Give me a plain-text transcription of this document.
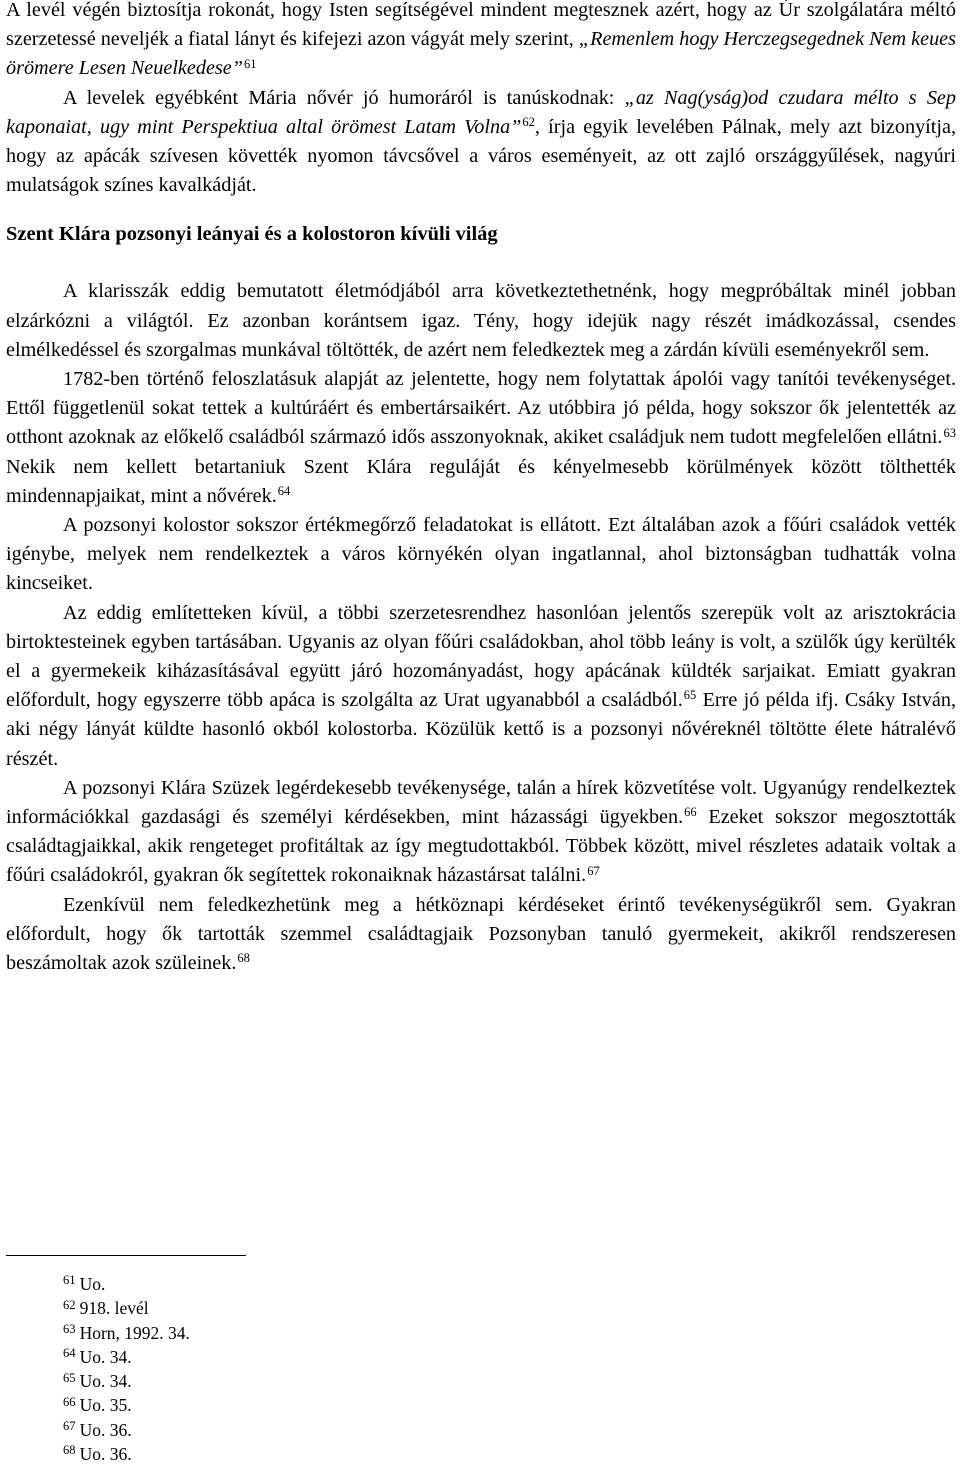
A levél végén biztosítja rokonát, hogy Isten segítségével mindent megtesznek azért, hogy az Úr szolgálatára méltó szerzetessé neveljék a fiatal lányt és kifejezi azon vágyát mely szerint, „Remenlem hogy Herczegsegednek Nem keues örömere Lesen Neuelkedese”$^{61}$

A levelek egyébként Mária nővér jó humoráról is tanúskodnak: „az Nag(yság)od czudara mélto s Sep kaponaiat, ugy mint Perspektiua altal örömest Latam Volna”$^{62}$, írja egyik levelében Pálnak, mely azt bizonyítja, hogy az apácák szívesen követték nyomon távcsővel a város eseményeit, az ott zajló országgyűlések, nagyúri mulatságok színes kavalkádját.

Szent Klára pozsonyi leányai és a kolostoron kívüli világ

A klarisszák eddig bemutatott életmódjából arra következtethetnénk, hogy megpróbáltak minél jobban elzárkózni a világtól. Ez azonban korántsem igaz. Tény, hogy idejük nagy részét imádkozással, csendes elmélkedéssel és szorgalmas munkával töltötték, de azért nem feledkeztek meg a zárdán kívüli eseményekről sem.

1782-ben történő feloszlatásuk alapját az jelentette, hogy nem folytattak ápolói vagy tanítói tevékenységet. Ettől függetlenül sokat tettek a kultúráért és embertársaikért. Az utóbbira jó példa, hogy sokszor ők jelentették az otthont azoknak az előkelő családból származó idős asszonyoknak, akiket családjuk nem tudott megfelelően ellátni.$^{63}$ Nekik nem kellett betartaniuk Szent Klára reguláját és kényelmesebb körülmények között tölthették mindennapjaikat, mint a nővérek.$^{64}$

A pozsonyi kolostor sokszor értékmegőrző feladatokat is ellátott. Ezt általában azok a főúri családok vették igénybe, melyek nem rendelkeztek a város környékén olyan ingatlannal, ahol biztonságban tudhatták volna kincseiket.

Az eddig említetteken kívül, a többi szerzetesrendhez hasonlóan jelentős szerepük volt az arisztokrácia birtoktesteinek egyben tartásában. Ugyanis az olyan főúri családokban, ahol több leány is volt, a szülők úgy kerülték el a gyermekeik kiházasításával együtt járó hozományadást, hogy apácának küldték sarjaikat. Emiatt gyakran előfordult, hogy egyszerre több apáca is szolgálta az Urat ugyanabból a családból.$^{65}$ Erre jó példa ifj. Csáky István, aki négy lányát küldte hasonló okból kolostorba. Közülük kettő is a pozsonyi nővéreknél töltötte élete hátralévő részét.

A pozsonyi Klára Szüzek legérdekesebb tevékenysége, talán a hírek közvetítése volt. Ugyanúgy rendelkeztek információkkal gazdasági és személyi kérdésekben, mint házassági ügyekben.$^{66}$ Ezeket sokszor megosztották családtagjaikkal, akik rengeteget profitáltak az így megtudottakból. Többek között, mivel részletes adataik voltak a főúri családokról, gyakran ők segítettek rokonaiknak házastársat találni.$^{67}$

Ezenkívül nem feledkezhetünk meg a hétköznapi kérdéseket érintő tevékenységükről sem. Gyakran előfordult, hogy ők tartották szemmel családtagjaik Pozsonyban tanuló gyermekeit, akikről rendszeresen beszámoltak azok szüleinek.$^{68}$

$^{61}$ Uo.
$^{62}$ 918. levél
$^{63}$ Horn, 1992. 34.
$^{64}$ Uo. 34.
$^{65}$ Uo. 34.
$^{66}$ Uo. 35.
$^{67}$ Uo. 36.
$^{68}$ Uo. 36.
